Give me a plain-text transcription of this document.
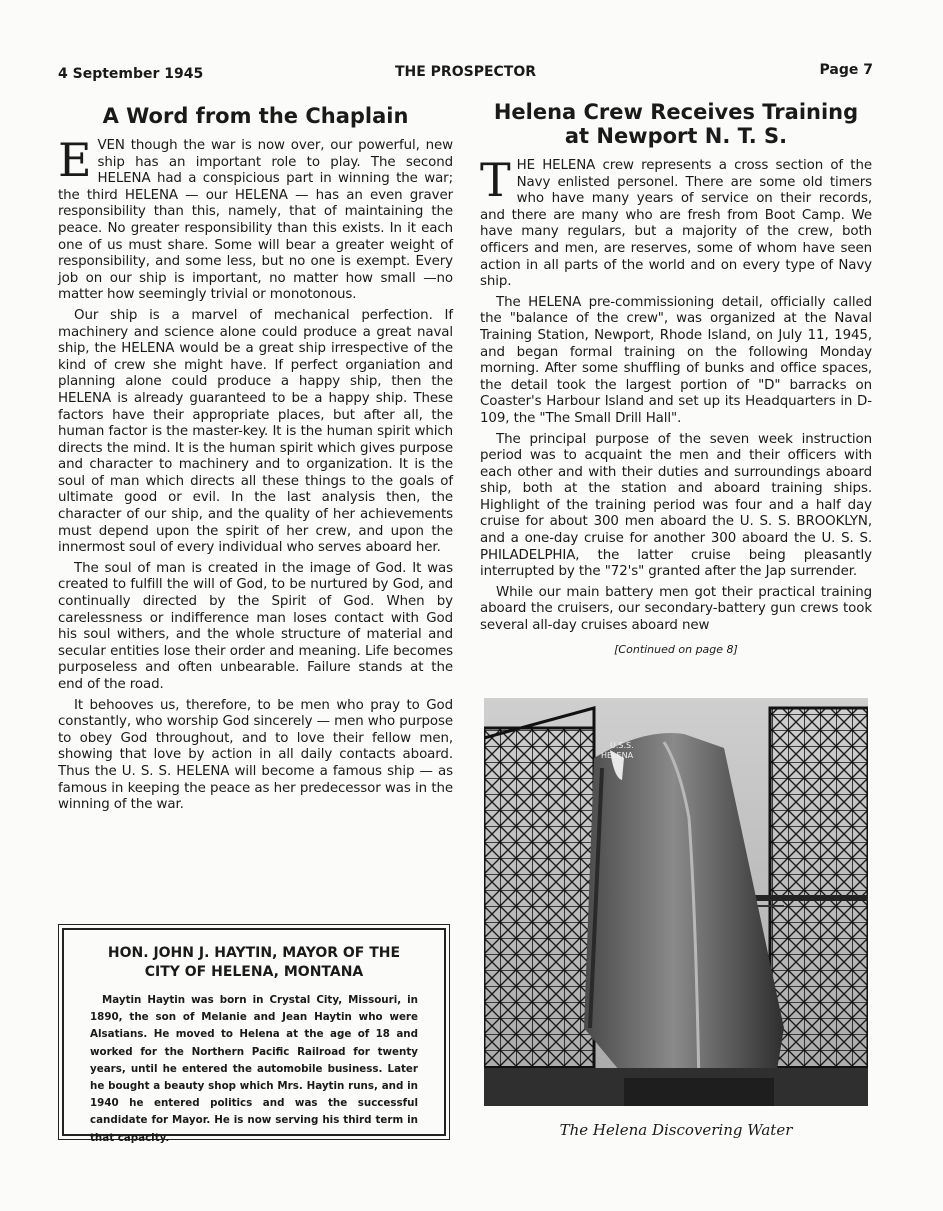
4 September 1945	THE PROSPECTOR	Page 7
A Word from the Chaplain

EVEN though the war is now over, our powerful, new ship has an important role to play. The second HELENA had a conspicious part in winning the war; the third HELENA — our HELENA — has an even graver responsibility than this, namely, that of maintaining the peace. No greater responsibility than this exists. In it each one of us must share. Some will bear a greater weight of responsibility, and some less, but no one is exempt. Every job on our ship is important, no matter how small —no matter how seemingly trivial or monotonous.

Our ship is a marvel of mechanical perfection. If machinery and science alone could produce a great naval ship, the HELENA would be a great ship irrespective of the kind of crew she might have. If perfect organiation and planning alone could produce a happy ship, then the HELENA is already guaranteed to be a happy ship. These factors have their appropriate places, but after all, the human factor is the master-key. It is the human spirit which directs the mind. It is the human spirit which gives purpose and character to machinery and to organization. It is the soul of man which directs all these things to the goals of ultimate good or evil. In the last analysis then, the character of our ship, and the quality of her achievements must depend upon the spirit of her crew, and upon the innermost soul of every individual who serves aboard her.

The soul of man is created in the image of God. It was created to fulfill the will of God, to be nurtured by God, and continually directed by the Spirit of God. When by carelessness or indifference man loses contact with God his soul withers, and the whole structure of material and secular entities lose their order and meaning. Life becomes purposeless and often unbearable. Failure stands at the end of the road.

It behooves us, therefore, to be men who pray to God constantly, who worship God sincerely — men who purpose to obey God throughout, and to love their fellow men, showing that love by action in all daily contacts aboard. Thus the U. S. S. HELENA will become a famous ship — as famous in keeping the peace as her predecessor was in the winning of the war.

Helena Crew Receives Training at Newport N. T. S.

THE HELENA crew represents a cross section of the Navy enlisted personel. There are some old timers who have many years of service on their records, and there are many who are fresh from Boot Camp. We have many regulars, but a majority of the crew, both officers and men, are reserves, some of whom have seen action in all parts of the world and on every type of Navy ship.

The HELENA pre-commissioning detail, officially called the "balance of the crew", was organized at the Naval Training Station, Newport, Rhode Island, on July 11, 1945, and began formal training on the following Monday morning. After some shuffling of bunks and office spaces, the detail took the largest portion of "D" barracks on Coaster's Harbour Island and set up its Headquarters in D-109, the "The Small Drill Hall".

The principal purpose of the seven week instruction period was to acquaint the men and their officers with each other and with their duties and surroundings aboard ship, both at the station and aboard training ships. Highlight of the training period was four and a half day cruise for about 300 men aboard the U. S. S. BROOKLYN, and a one-day cruise for another 300 aboard the U. S. S. PHILADELPHIA, the latter cruise being pleasantly interrupted by the "72's" granted after the Jap surrender.

While our main battery men got their practical training aboard the cruisers, our secondary-battery gun crews took several all-day cruises aboard new

[Continued on page 8]

HON. JOHN J. HAYTIN, MAYOR OF THE CITY OF HELENA, MONTANA

Maytin Haytin was born in Crystal City, Missouri, in 1890, the son of Melanie and Jean Haytin who were Alsatians. He moved to Helena at the age of 18 and worked for the Northern Pacific Railroad for twenty years, until he entered the automobile business. Later he bought a beauty shop which Mrs. Haytin runs, and in 1940 he entered politics and was the successful candidate for Mayor. He is now serving his third term in that capacity.

U.S.S.
HELENA
The Helena Discovering Water
